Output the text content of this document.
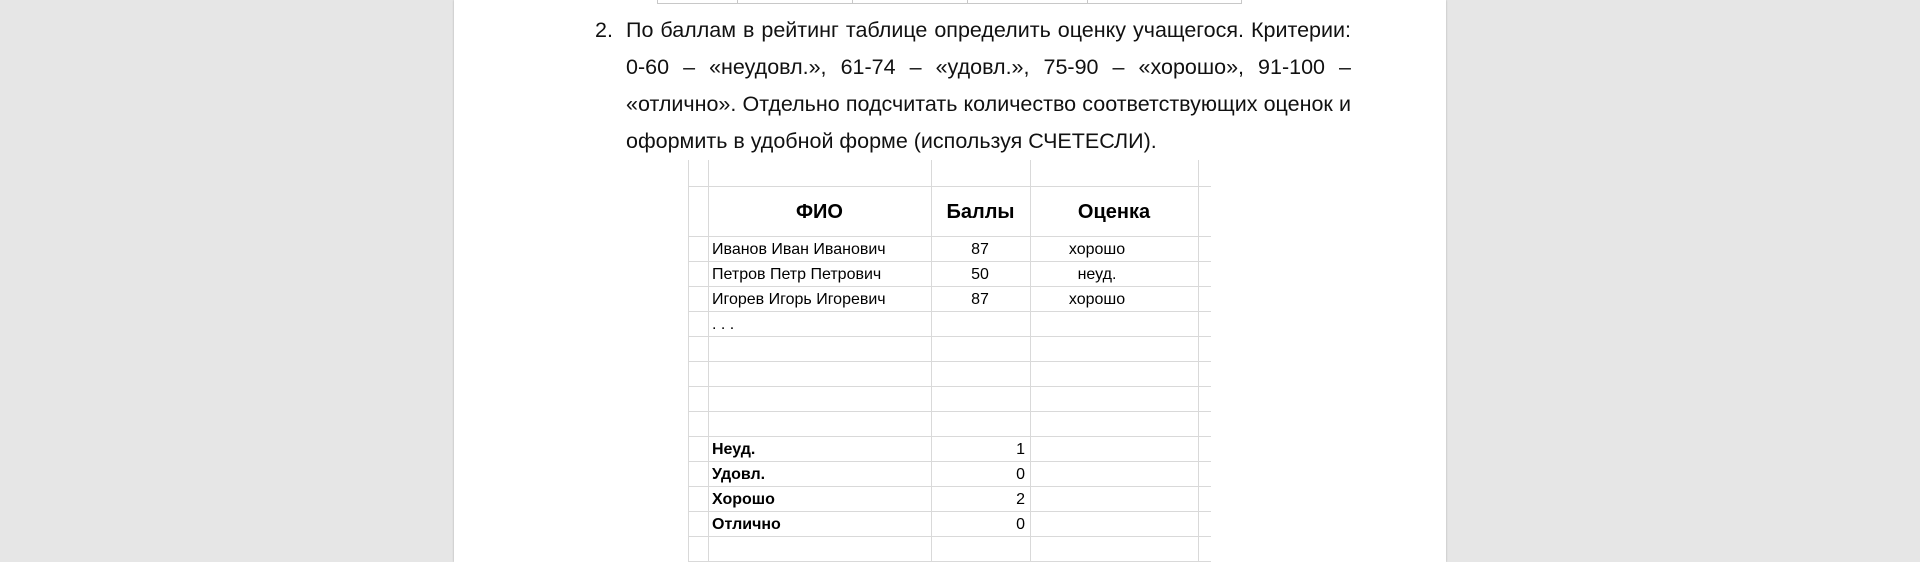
2. По баллам в рейтинг таблице определить оценку учащегося. Критерии: 0-60 – «неудовл.», 61-74 – «удовл.», 75-90 – «хорошо», 91-100 – «отлично». Отдельно подсчитать количество соответствующих оценок и оформить в удобной форме (используя СЧЕТЕСЛИ).
ФИО	Баллы	Оценка
Иванов Иван Иванович	87	хорошо
Петров Петр Петрович	50	неуд.
Игорев Игорь Игоревич	87	хорошо
. . .
Неуд.	1
Удовл.	0
Хорошо	2
Отлично	0
